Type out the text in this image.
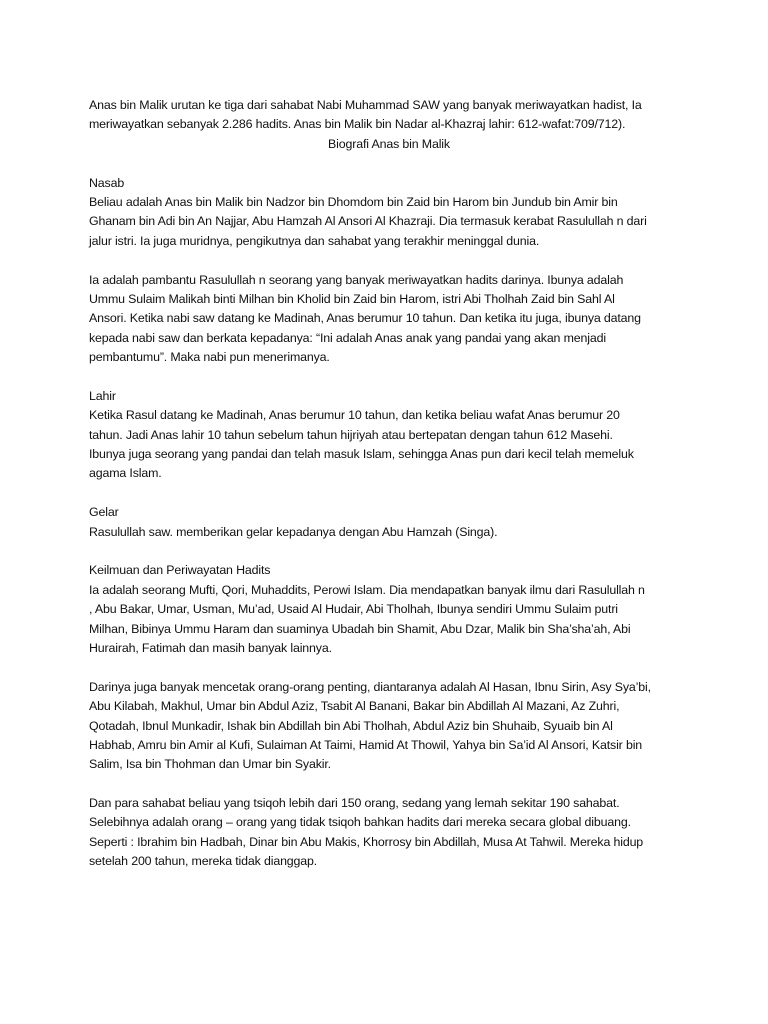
Anas bin Malik urutan ke tiga dari sahabat Nabi Muhammad SAW yang banyak meriwayatkan hadist, Ia
meriwayatkan sebanyak 2.286 hadits. Anas bin Malik bin Nadar al-Khazraj lahir: 612-wafat:709/712).
Biografi Anas bin Malik
Nasab
Beliau adalah Anas bin Malik bin Nadzor bin Dhomdom bin Zaid bin Harom bin Jundub bin Amir bin
Ghanam bin Adi bin An Najjar, Abu Hamzah Al Ansori Al Khazraji. Dia termasuk kerabat Rasulullah n dari
jalur istri. Ia juga muridnya, pengikutnya dan sahabat yang terakhir meninggal dunia.
Ia adalah pambantu Rasulullah n seorang yang banyak meriwayatkan hadits darinya. Ibunya adalah
Ummu Sulaim Malikah binti Milhan bin Kholid bin Zaid bin Harom, istri Abi Tholhah Zaid bin Sahl Al
Ansori. Ketika nabi saw datang ke Madinah, Anas berumur 10 tahun. Dan ketika itu juga, ibunya datang
kepada nabi saw dan berkata kepadanya: “Ini adalah Anas anak yang pandai yang akan menjadi
pembantumu”. Maka nabi pun menerimanya.
Lahir
Ketika Rasul datang ke Madinah, Anas berumur 10 tahun, dan ketika beliau wafat Anas berumur 20
tahun. Jadi Anas lahir 10 tahun sebelum tahun hijriyah atau bertepatan dengan tahun 612 Masehi.
Ibunya juga seorang yang pandai dan telah masuk Islam, sehingga Anas pun dari kecil telah memeluk
agama Islam.
Gelar
Rasulullah saw. memberikan gelar kepadanya dengan Abu Hamzah (Singa).
Keilmuan dan Periwayatan Hadits
Ia adalah seorang Mufti, Qori, Muhaddits, Perowi Islam. Dia mendapatkan banyak ilmu dari Rasulullah n
, Abu Bakar, Umar, Usman, Mu’ad, Usaid Al Hudair, Abi Tholhah, Ibunya sendiri Ummu Sulaim putri
Milhan, Bibinya Ummu Haram dan suaminya Ubadah bin Shamit, Abu Dzar, Malik bin Sha’sha’ah, Abi
Hurairah, Fatimah dan masih banyak lainnya.
Darinya juga banyak mencetak orang-orang penting, diantaranya adalah Al Hasan, Ibnu Sirin, Asy Sya’bi,
Abu Kilabah, Makhul, Umar bin Abdul Aziz, Tsabit Al Banani, Bakar bin Abdillah Al Mazani, Az Zuhri,
Qotadah, Ibnul Munkadir, Ishak bin Abdillah bin Abi Tholhah, Abdul Aziz bin Shuhaib, Syuaib bin Al
Habhab, Amru bin Amir al Kufi, Sulaiman At Taimi, Hamid At Thowil, Yahya bin Sa’id Al Ansori, Katsir bin
Salim, Isa bin Thohman dan Umar bin Syakir.
Dan para sahabat beliau yang tsiqoh lebih dari 150 orang, sedang yang lemah sekitar 190 sahabat.
Selebihnya adalah orang – orang yang tidak tsiqoh bahkan hadits dari mereka secara global dibuang.
Seperti : Ibrahim bin Hadbah, Dinar bin Abu Makis, Khorrosy bin Abdillah, Musa At Tahwil. Mereka hidup
setelah 200 tahun, mereka tidak dianggap.
